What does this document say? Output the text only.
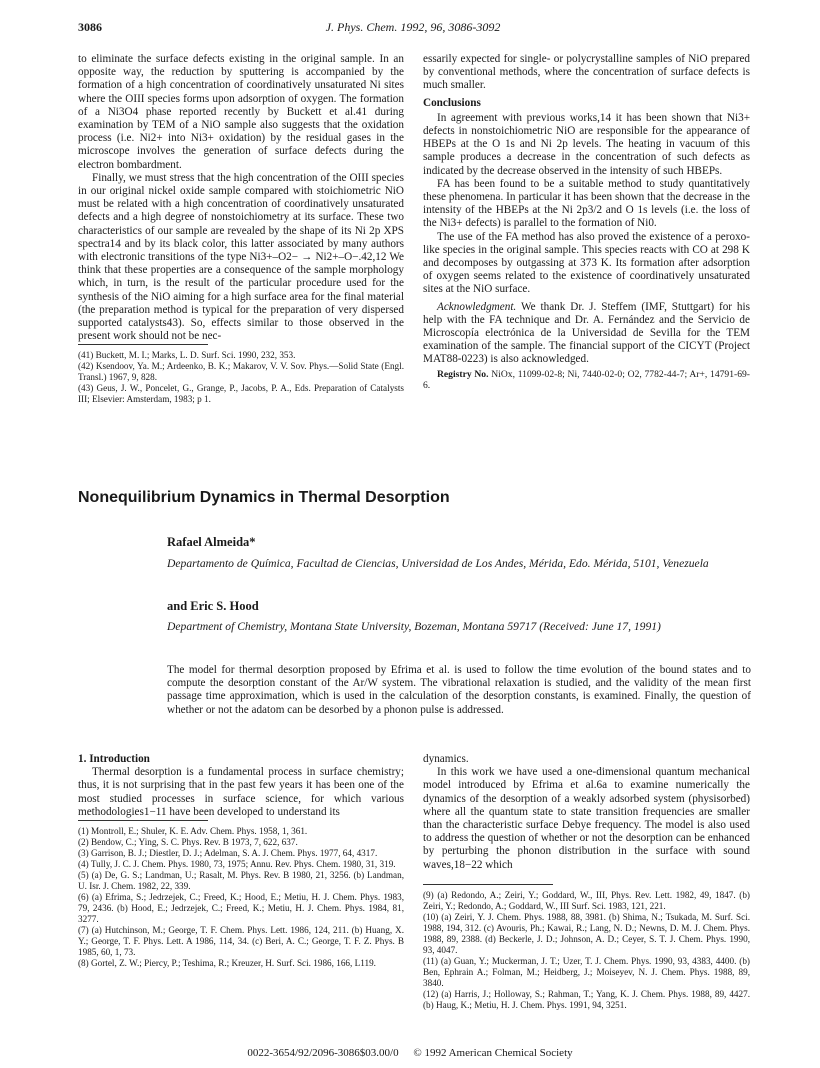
3086	J. Phys. Chem. 1992, 96, 3086-3092

to eliminate the surface defects existing in the original sample. In an opposite way, the reduction by sputtering is accompanied by the formation of a high concentration of coordinatively unsaturated Ni sites where the OIII species forms upon adsorption of oxygen. The formation of a Ni3O4 phase reported recently by Buckett et al.41 during examination by TEM of a NiO sample also suggests that the oxidation process (i.e. Ni2+ into Ni3+ oxidation) by the residual gases in the microscope involves the generation of surface defects during the electron bombardment.

Finally, we must stress that the high concentration of the OIII species in our original nickel oxide sample compared with stoichiometric NiO must be related with a high concentration of coordinatively unsaturated defects and a high degree of nonstoichiometry at its surface. These two characteristics of our sample are revealed by the shape of its Ni 2p XPS spectra14 and by its black color, this latter associated by many authors with electronic transitions of the type Ni3+–O2− → Ni2+–O−.42,12 We think that these properties are a consequence of the sample morphology which, in turn, is the result of the particular procedure used for the synthesis of the NiO aiming for a high surface area for the final material (the preparation method is typical for the preparation of very dispersed supported catalysts43). So, effects similar to those observed in the present work should not be nec-

(41) Buckett, M. I.; Marks, L. D. Surf. Sci. 1990, 232, 353.
(42) Ksendoov, Ya. M.; Ardeenko, B. K.; Makarov, V. V. Sov. Phys.—Solid State (Engl. Transl.) 1967, 9, 828.
(43) Geus, J. W., Poncelet, G., Grange, P., Jacobs, P. A., Eds. Preparation of Catalysts III; Elsevier: Amsterdam, 1983; p 1.

essarily expected for single- or polycrystalline samples of NiO prepared by conventional methods, where the concentration of surface defects is much smaller.

Conclusions

In agreement with previous works,14 it has been shown that Ni3+ defects in nonstoichiometric NiO are responsible for the appearance of HBEPs at the O 1s and Ni 2p levels. The heating in vacuum of this sample produces a decrease in the concentration of such defects as indicated by the decrease observed in the intensity of such HBEPs.

FA has been found to be a suitable method to study quantitatively these phenomena. In particular it has been shown that the decrease in the intensity of the HBEPs at the Ni 2p3/2 and O 1s levels (i.e. the loss of the Ni3+ defects) is parallel to the formation of Ni0.

The use of the FA method has also proved the existence of a peroxo-like species in the original sample. This species reacts with CO at 298 K and decomposes by outgassing at 373 K. Its formation after adsorption of oxygen seems related to the existence of coordinatively unsaturated sites at the NiO surface.

Acknowledgment. We thank Dr. J. Steffem (IMF, Stuttgart) for his help with the FA technique and Dr. A. Fernández and the Servicio de Microscopía electrónica de la Universidad de Sevilla for the TEM examination of the sample. The financial support of the CICYT (Project MAT88-0223) is also acknowledged.

Registry No. NiOx, 11099-02-8; Ni, 7440-02-0; O2, 7782-44-7; Ar+, 14791-69-6.

Nonequilibrium Dynamics in Thermal Desorption
Rafael Almeida*
Departamento de Química, Facultad de Ciencias, Universidad de Los Andes, Mérida, Edo. Mérida, 5101, Venezuela
and Eric S. Hood
Department of Chemistry, Montana State University, Bozeman, Montana 59717 (Received: June 17, 1991)
The model for thermal desorption proposed by Efrima et al. is used to follow the time evolution of the bound states and to compute the desorption constant of the Ar/W system. The vibrational relaxation is studied, and the validity of the mean first passage time approximation, which is used in the calculation of the desorption constants, is examined. Finally, the question of whether or not the adatom can be desorbed by a phonon pulse is addressed.
1. Introduction

Thermal desorption is a fundamental process in surface chemistry; thus, it is not surprising that in the past few years it has been one of the most studied processes in surface science, for which various methodologies1−11 have been developed to understand its

(1) Montroll, E.; Shuler, K. E. Adv. Chem. Phys. 1958, 1, 361.
(2) Bendow, C.; Ying, S. C. Phys. Rev. B 1973, 7, 622, 637.
(3) Garrison, B. J.; Diestler, D. J.; Adelman, S. A. J. Chem. Phys. 1977, 64, 4317.
(4) Tully, J. C. J. Chem. Phys. 1980, 73, 1975; Annu. Rev. Phys. Chem. 1980, 31, 319.
(5) (a) De, G. S.; Landman, U.; Rasalt, M. Phys. Rev. B 1980, 21, 3256. (b) Landman, U. Isr. J. Chem. 1982, 22, 339.
(6) (a) Efrima, S.; Jedrzejek, C.; Freed, K.; Hood, E.; Metiu, H. J. Chem. Phys. 1983, 79, 2436. (b) Hood, E.; Jedrzejek, C.; Freed, K.; Metiu, H. J. Chem. Phys. 1984, 81, 3277.
(7) (a) Hutchinson, M.; George, T. F. Chem. Phys. Lett. 1986, 124, 211. (b) Huang, X. Y.; George, T. F. Phys. Lett. A 1986, 114, 34. (c) Beri, A. C.; George, T. F. Z. Phys. B 1985, 60, 1, 73.
(8) Gortel, Z. W.; Piercy, P.; Teshima, R.; Kreuzer, H. Surf. Sci. 1986, 166, L119.

dynamics.

In this work we have used a one-dimensional quantum mechanical model introduced by Efrima et al.6a to examine numerically the dynamics of the desorption of a weakly adsorbed system (physisorbed) where all the quantum state to state transition frequencies are smaller than the characteristic surface Debye frequency. The model is also used to address the question of whether or not the desorption can be enhanced by perturbing the phonon distribution in the surface with sound waves,18−22 which

(9) (a) Redondo, A.; Zeiri, Y.; Goddard, W., III, Phys. Rev. Lett. 1982, 49, 1847. (b) Zeiri, Y.; Redondo, A.; Goddard, W., III Surf. Sci. 1983, 121, 221.
(10) (a) Zeiri, Y. J. Chem. Phys. 1988, 88, 3981. (b) Shima, N.; Tsukada, M. Surf. Sci. 1988, 194, 312. (c) Avouris, Ph.; Kawai, R.; Lang, N. D.; Newns, D. M. J. Chem. Phys. 1988, 89, 2388. (d) Beckerle, J. D.; Johnson, A. D.; Ceyer, S. T. J. Chem. Phys. 1990, 93, 4047.
(11) (a) Guan, Y.; Muckerman, J. T.; Uzer, T. J. Chem. Phys. 1990, 93, 4383, 4400. (b) Ben, Ephrain A.; Folman, M.; Heidberg, J.; Moiseyev, N. J. Chem. Phys. 1988, 89, 3840.
(12) (a) Harris, J.; Holloway, S.; Rahman, T.; Yang, K. J. Chem. Phys. 1988, 89, 4427. (b) Haug, K.; Metiu, H. J. Chem. Phys. 1991, 94, 3251.
0022-3654/92/2096-3086$03.00/0 © 1992 American Chemical Society
